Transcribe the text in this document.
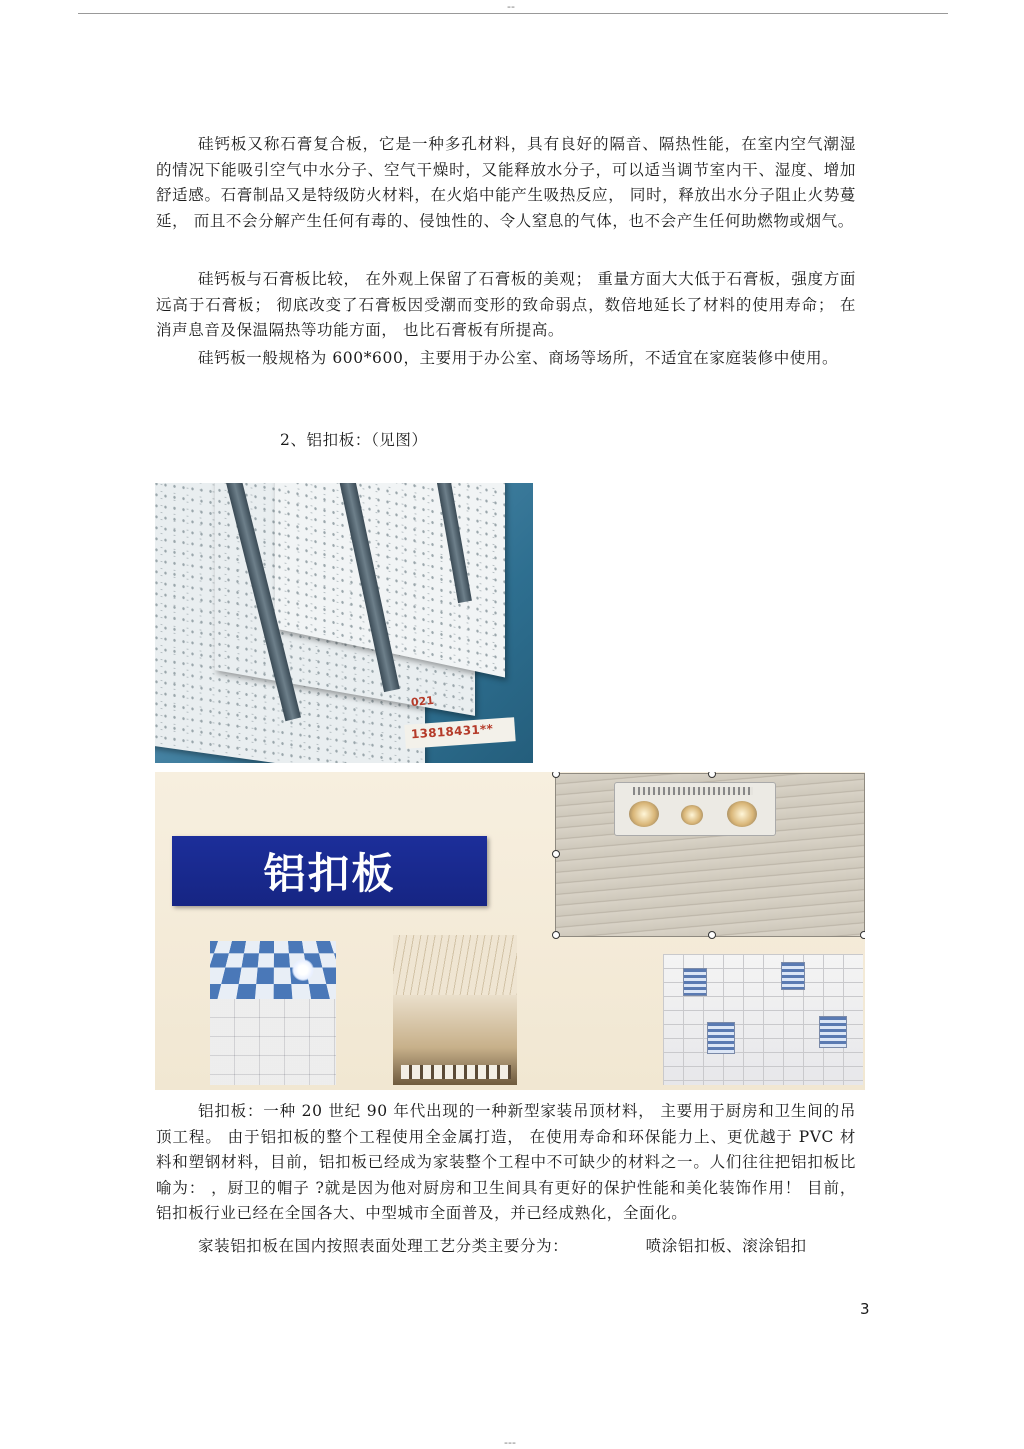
--

硅钙板又称石膏复合板，它是一种多孔材料，具有良好的隔音、隔热性能，在室内空气潮湿的情况下能吸引空气中水分子、空气干燥时，又能释放水分子，可以适当调节室内干、湿度、增加舒适感。石膏制品又是特级防火材料，在火焰中能产生吸热反应， 同时，释放出水分子阻止火势蔓延， 而且不会分解产生任何有毒的、侵蚀性的、令人窒息的气体，也不会产生任何助燃物或烟气。

硅钙板与石膏板比较， 在外观上保留了石膏板的美观； 重量方面大大低于石膏板，强度方面远高于石膏板； 彻底改变了石膏板因受潮而变形的致命弱点，数倍地延长了材料的使用寿命； 在消声息音及保温隔热等功能方面， 也比石膏板有所提高。

硅钙板一般规格为 600*600，主要用于办公室、商场等场所，不适宜在家庭装修中使用。

2、铝扣板：（见图）

021
13818431**
铝扣板

铝扣板：一种 20 世纪 90 年代出现的一种新型家装吊顶材料， 主要用于厨房和卫生间的吊顶工程。 由于铝扣板的整个工程使用全金属打造， 在使用寿命和环保能力上、更优越于 PVC 材料和塑钢材料，目前，铝扣板已经成为家装整个工程中不可缺少的材料之一。人们往往把铝扣板比喻为： ，厨卫的帽子 ?就是因为他对厨房和卫生间具有更好的保护性能和美化装饰作用！ 目前，铝扣板行业已经在全国各大、中型城市全面普及，并已经成熟化，全面化。

家装铝扣板在国内按照表面处理工艺分类主要分为：              喷涂铝扣板、滚涂铝扣

3
---
